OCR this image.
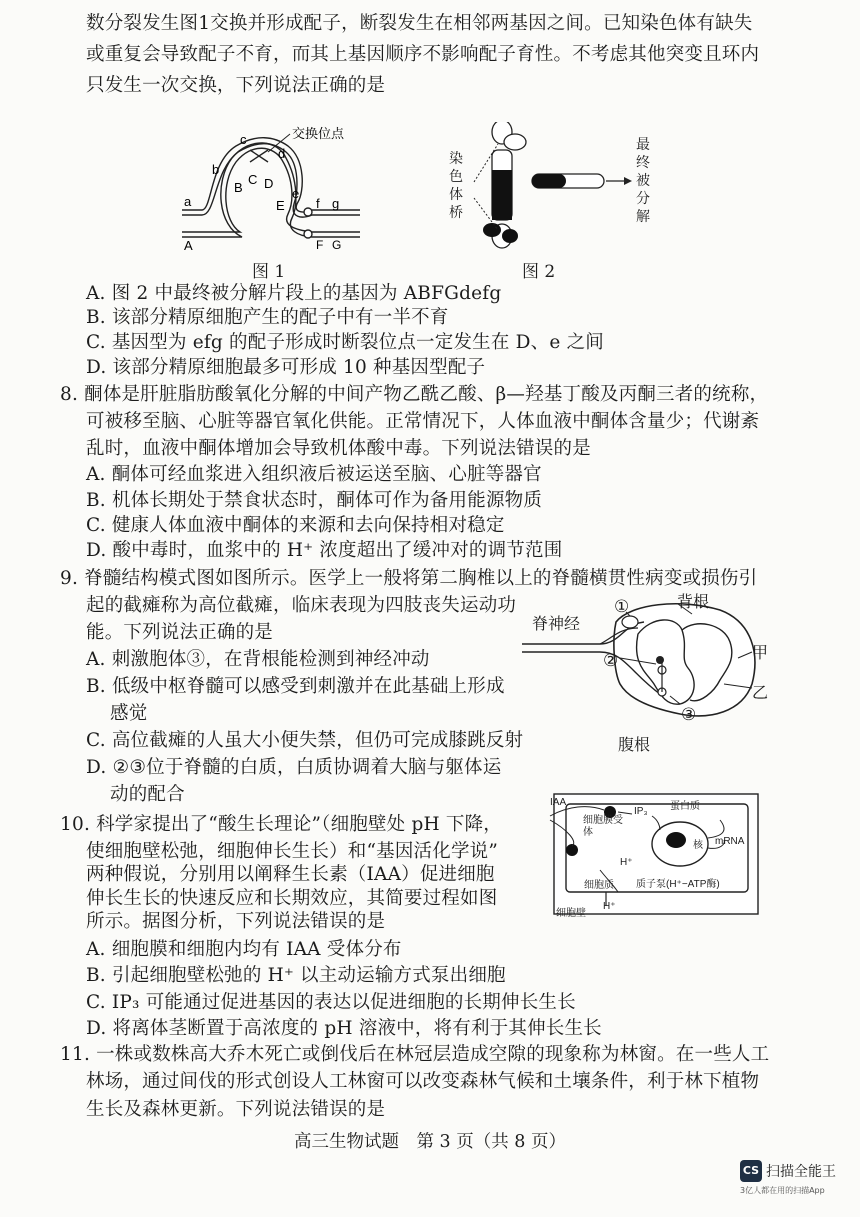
数分裂发生图1交换并形成配子，断裂发生在相邻两基因之间。已知染色体有缺失
或重复会导致配子不育，而其上基因顺序不影响配子育性。不考虑其他突变且环内
只发生一次交换，下列说法正确的是
交换位点
a
b
c
d
e
f g
A
B
C D
E
F G
图 1
染色体桥
最终被分解
图 2
A. 图 2 中最终被分解片段上的基因为 ABFGdefg
B. 该部分精原细胞产生的配子中有一半不育
C. 基因型为 efg 的配子形成时断裂位点一定发生在 D、e 之间
D. 该部分精原细胞最多可形成 10 种基因型配子
8. 酮体是肝脏脂肪酸氧化分解的中间产物乙酰乙酸、β—羟基丁酸及丙酮三者的统称，
可被移至脑、心脏等器官氧化供能。正常情况下，人体血液中酮体含量少；代谢紊
乱时，血液中酮体增加会导致机体酸中毒。下列说法错误的是
A. 酮体可经血浆进入组织液后被运送至脑、心脏等器官
B. 机体长期处于禁食状态时，酮体可作为备用能源物质
C. 健康人体血液中酮体的来源和去向保持相对稳定
D. 酸中毒时，血浆中的 H⁺ 浓度超出了缓冲对的调节范围
9. 脊髓结构模式图如图所示。医学上一般将第二胸椎以上的脊髓横贯性病变或损伤引
起的截瘫称为高位截瘫，临床表现为四肢丧失运动功
能。下列说法正确的是
A. 刺激胞体③，在背根能检测到神经冲动
B. 低级中枢脊髓可以感受到刺激并在此基础上形成
感觉
C. 高位截瘫的人虽大小便失禁，但仍可完成膝跳反射
D. ②③位于脊髓的白质，白质协调着大脑与躯体运
动的配合
脊神经
背根
腹根
甲
乙
①
②
③
10. 科学家提出了“酸生长理论”（细胞壁处 pH 下降，
使细胞壁松弛，细胞伸长生长）和“基因活化学说”
两种假说，分别用以阐释生长素（IAA）促进细胞
伸长生长的快速反应和长期效应，其简要过程如图
所示。据图分析，下列说法错误的是
A. 细胞膜和细胞内均有 IAA 受体分布
B. 引起细胞壁松弛的 H⁺ 以主动运输方式泵出细胞
C. IP₃ 可能通过促进基因的表达以促进细胞的长期伸长生长
D. 将离体茎断置于高浓度的 pH 溶液中，将有利于其伸长生长
IAA
细胞膜受体
IP₃ 蛋白质
核 mRNA
细胞质
H⁺
H⁺
质子泵(H⁺−ATP酶)
细胞壁
11. 一株或数株高大乔木死亡或倒伐后在林冠层造成空隙的现象称为林窗。在一些人工
林场，通过间伐的形式创设人工林窗可以改变森林气候和土壤条件，利于林下植物
生长及森林更新。下列说法错误的是
高三生物试题　第 3 页（共 8 页）
CS 扫描全能王
3亿人都在用的扫描App
